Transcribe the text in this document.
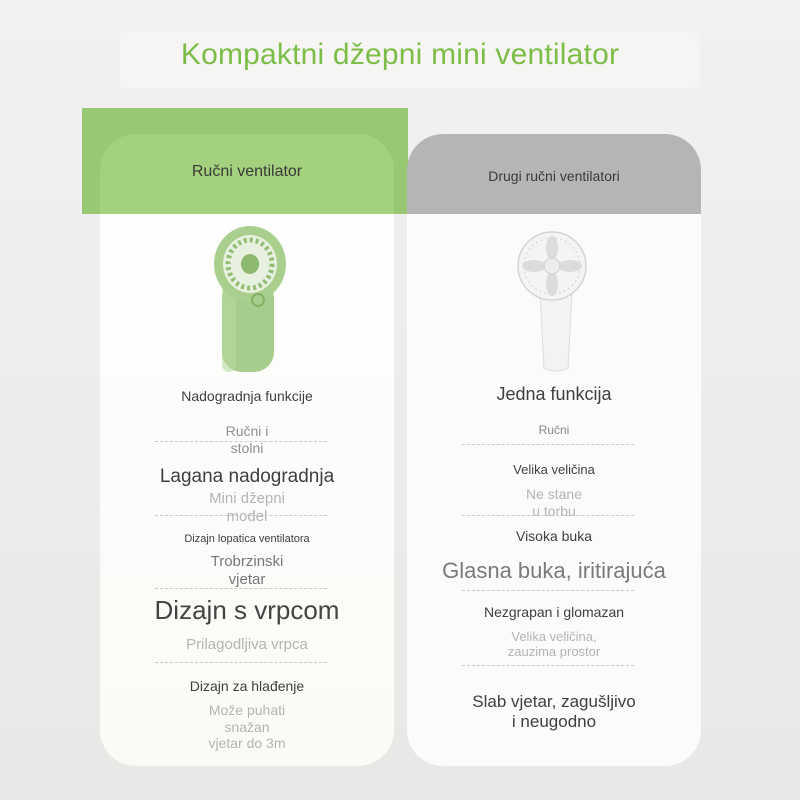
Kompaktni džepni mini ventilator
Ručni ventilator	Drugi ručni ventilatori
Nadogradnja funkcije
Ručni i
stolni
Lagana nadogradnja
Mini džepni
model
Dizajn lopatica ventilatora
Trobrzinski
vjetar
Dizajn s vrpcom
Prilagodljiva vrpca
Dizajn za hlađenje
Može puhati
snažan
vjetar do 3m
Jedna funkcija
Ručni
Velika veličina
Ne stane
u torbu
Visoka buka
Glasna buka, iritirajuća
Nezgrapan i glomazan
Velika veličina,
zauzima prostor
Slab vjetar, zagušljivo
i neugodno
